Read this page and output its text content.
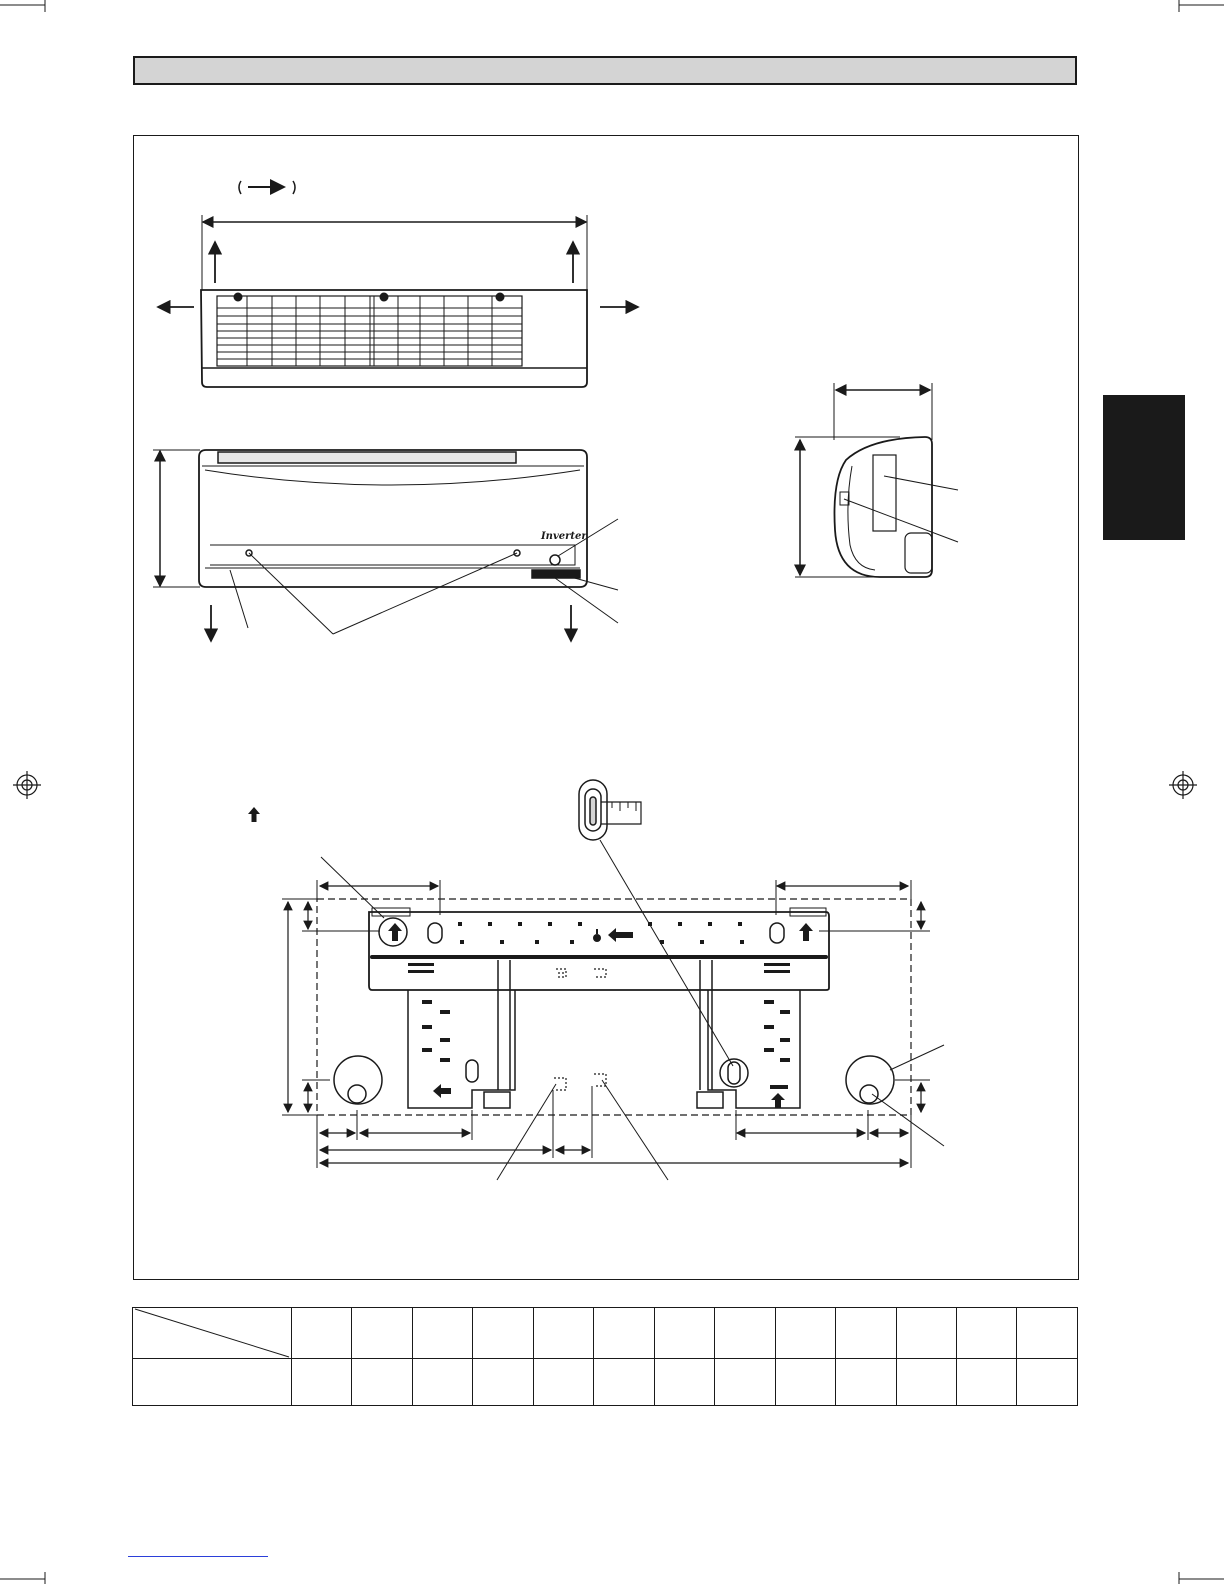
Inverter
